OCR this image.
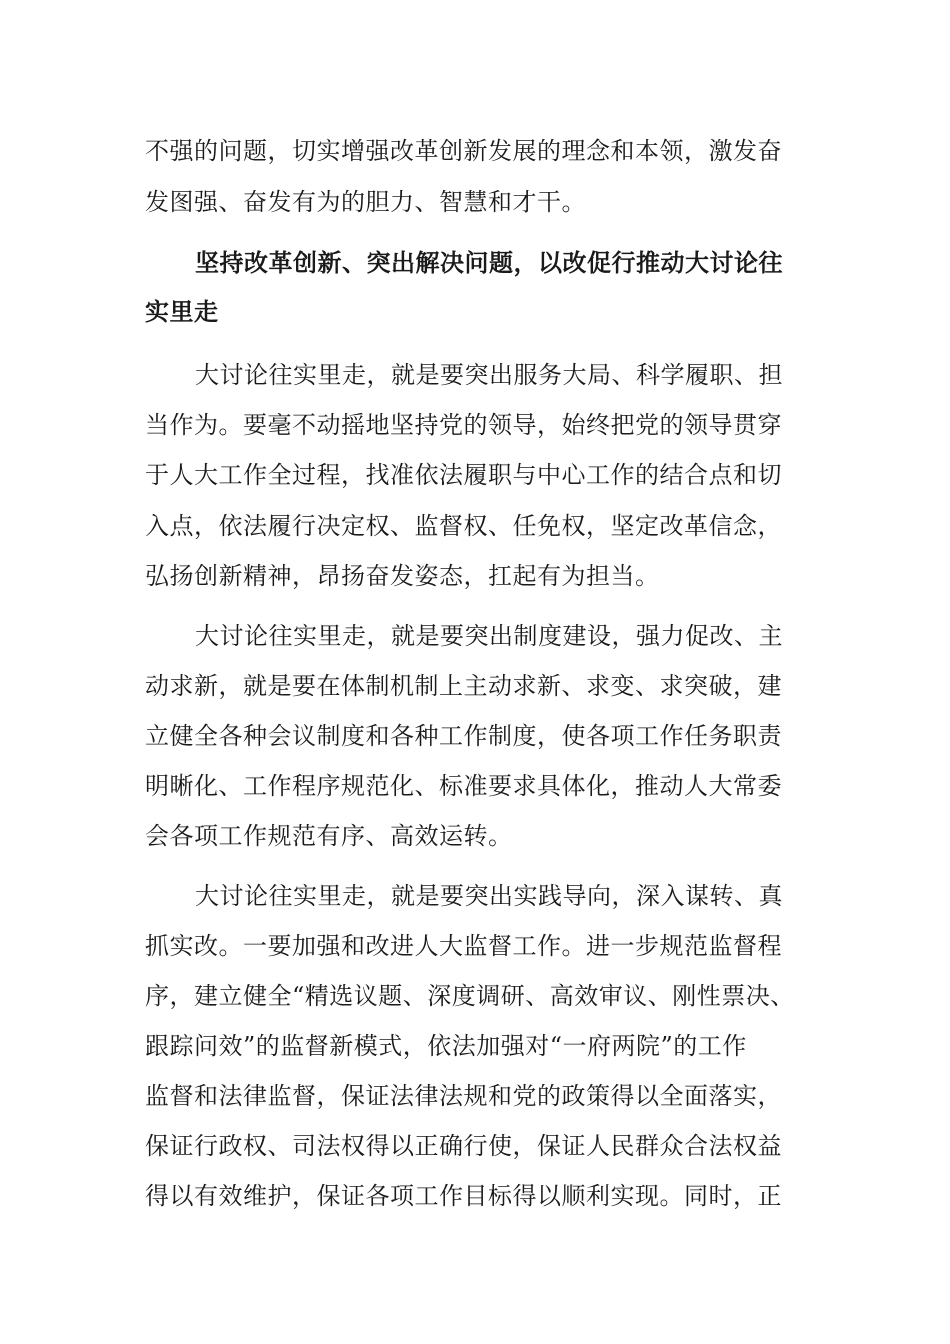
不强的问题，切实增强改革创新发展的理念和本领，激发奋
发图强、奋发有为的胆力、智慧和才干。
坚持改革创新、突出解决问题，以改促行推动大讨论往
实里走
大讨论往实里走，就是要突出服务大局、科学履职、担
当作为。要毫不动摇地坚持党的领导，始终把党的领导贯穿
于人大工作全过程，找准依法履职与中心工作的结合点和切
入点，依法履行决定权、监督权、任免权，坚定改革信念，
弘扬创新精神，昂扬奋发姿态，扛起有为担当。
大讨论往实里走，就是要突出制度建设，强力促改、主
动求新，就是要在体制机制上主动求新、求变、求突破，建
立健全各种会议制度和各种工作制度，使各项工作任务职责
明晰化、工作程序规范化、标准要求具体化，推动人大常委
会各项工作规范有序、高效运转。
大讨论往实里走，就是要突出实践导向，深入谋转、真
抓实改。一要加强和改进人大监督工作。进一步规范监督程
序，建立健全“精选议题、深度调研、高效审议、刚性票决、
跟踪问效”的监督新模式，依法加强对“一府两院”的工作
监督和法律监督，保证法律法规和党的政策得以全面落实，
保证行政权、司法权得以正确行使，保证人民群众合法权益
得以有效维护，保证各项工作目标得以顺利实现。同时，正
